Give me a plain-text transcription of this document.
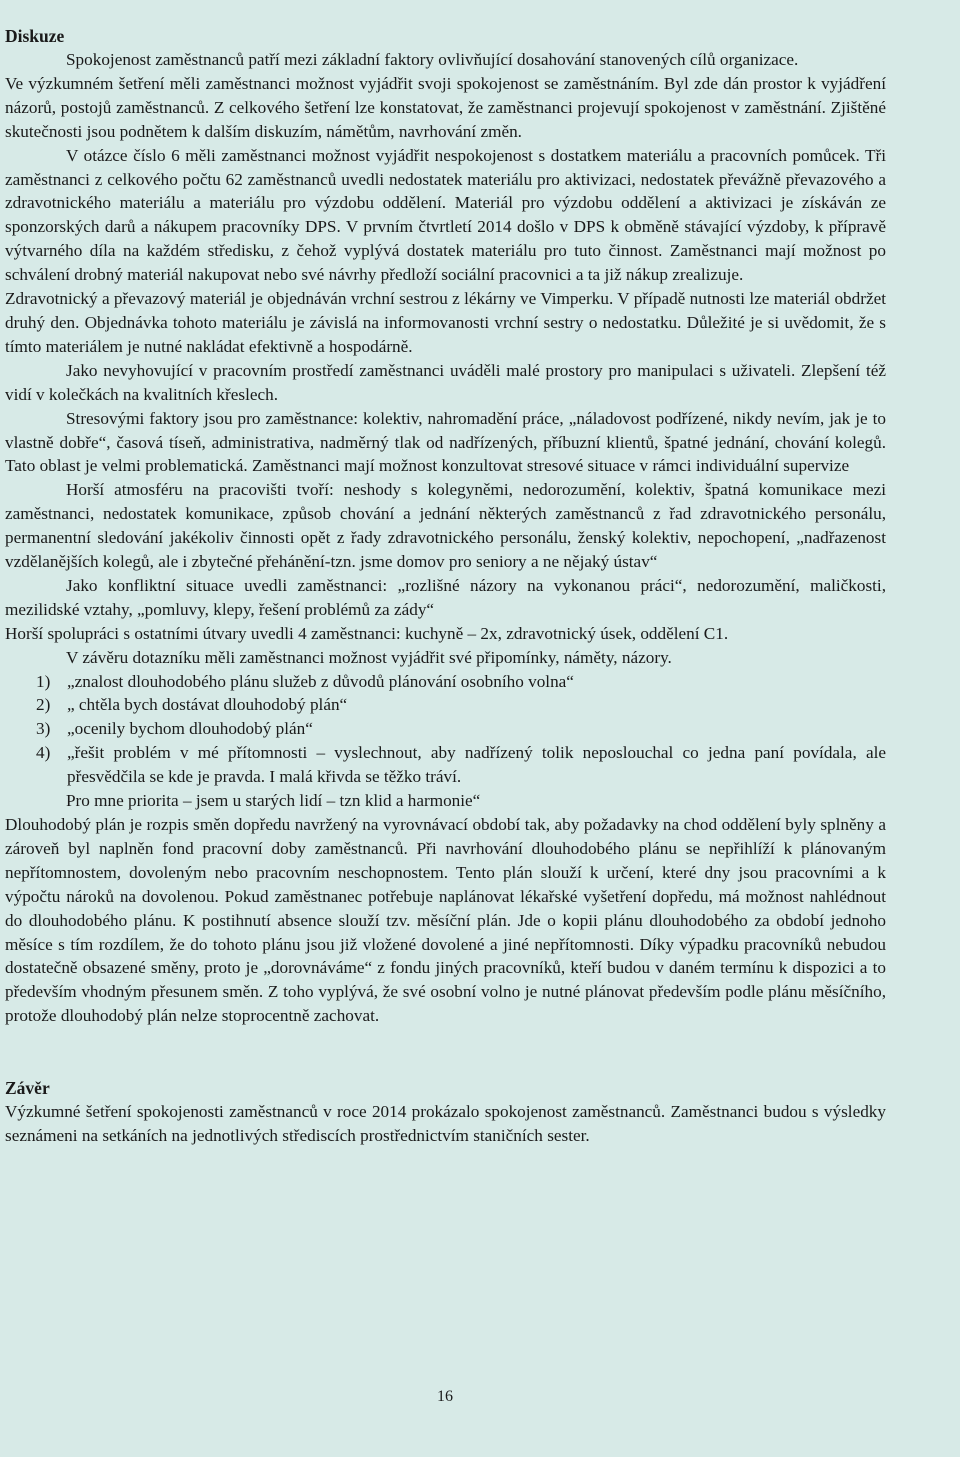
Diskuze

Spokojenost zaměstnanců patří mezi základní faktory ovlivňující dosahování stanovených cílů organizace.

Ve výzkumném šetření měli zaměstnanci možnost vyjádřit svoji spokojenost se zaměstnáním. Byl zde dán prostor k vyjádření názorů, postojů zaměstnanců. Z celkového šetření lze konstatovat, že zaměstnanci projevují spokojenost v zaměstnání. Zjištěné skutečnosti jsou podnětem k dalším diskuzím, námětům, navrhování změn.

V otázce číslo 6 měli zaměstnanci možnost vyjádřit nespokojenost s dostatkem materiálu a pracovních pomůcek. Tři zaměstnanci z celkového počtu 62 zaměstnanců uvedli nedostatek materiálu pro aktivizaci, nedostatek převážně převazového a zdravotnického materiálu a materiálu pro výzdobu oddělení. Materiál pro výzdobu oddělení a aktivizaci je získáván ze sponzorských darů a nákupem pracovníky DPS. V prvním čtvrtletí 2014 došlo v DPS k obměně stávající výzdoby, k přípravě výtvarného díla na každém středisku, z čehož vyplývá dostatek materiálu pro tuto činnost. Zaměstnanci mají možnost po schválení drobný materiál nakupovat nebo své návrhy předloží sociální pracovnici a ta již nákup zrealizuje.

Zdravotnický a převazový materiál je objednáván vrchní sestrou z lékárny ve Vimperku. V případě nutnosti lze materiál obdržet druhý den. Objednávka tohoto materiálu je závislá na informovanosti vrchní sestry o nedostatku. Důležité je si uvědomit, že s tímto materiálem je nutné nakládat efektivně a hospodárně.

Jako nevyhovující v pracovním prostředí zaměstnanci uváděli malé prostory pro manipulaci s uživateli. Zlepšení též vidí v kolečkách na kvalitních křeslech.

Stresovými faktory jsou pro zaměstnance: kolektiv, nahromadění práce, „náladovost podřízené, nikdy nevím, jak je to vlastně dobře“, časová tíseň, administrativa, nadměrný tlak od nadřízených, příbuzní klientů, špatné jednání, chování kolegů. Tato oblast je velmi problematická. Zaměstnanci mají možnost konzultovat stresové situace v rámci individuální supervize

Horší atmosféru na pracovišti tvoří: neshody s kolegyněmi, nedorozumění, kolektiv, špatná komunikace mezi zaměstnanci, nedostatek komunikace, způsob chování a jednání některých zaměstnanců z řad zdravotnického personálu, permanentní sledování jakékoliv činnosti opět z řady zdravotnického personálu, ženský kolektiv, nepochopení, „nadřazenost vzdělanějších kolegů, ale i zbytečné přehánění-tzn. jsme domov pro seniory a ne nějaký ústav“

Jako konfliktní situace uvedli zaměstnanci: „rozlišné názory na vykonanou práci“, nedorozumění, maličkosti, mezilidské vztahy, „pomluvy, klepy, řešení problémů za zády“

Horší spolupráci s ostatními útvary uvedli 4 zaměstnanci: kuchyně – 2x, zdravotnický úsek, oddělení C1.

V závěru dotazníku měli zaměstnanci možnost vyjádřit své připomínky, náměty, názory.

1) „znalost dlouhodobého plánu služeb z důvodů plánování osobního volna“
2) „ chtěla bych dostávat dlouhodobý plán“
3) „ocenily bychom dlouhodobý plán“
4) „řešit problém v mé přítomnosti – vyslechnout, aby nadřízený tolik neposlouchal co jedna paní povídala, ale přesvědčila se kde je pravda. I malá křivda se těžko tráví.

Pro mne priorita – jsem u starých lidí – tzn klid a harmonie“

Dlouhodobý plán je rozpis směn dopředu navržený na vyrovnávací období tak, aby požadavky na chod oddělení byly splněny a zároveň byl naplněn fond pracovní doby zaměstnanců. Při navrhování dlouhodobého plánu se nepřihlíží k plánovaným nepřítomnostem, dovoleným nebo pracovním neschopnostem. Tento plán slouží k určení, které dny jsou pracovními a k výpočtu nároků na dovolenou. Pokud zaměstnanec potřebuje naplánovat lékařské vyšetření dopředu, má možnost nahlédnout do dlouhodobého plánu. K postihnutí absence slouží tzv. měsíční plán. Jde o kopii plánu dlouhodobého za období jednoho měsíce s tím rozdílem, že do tohoto plánu jsou již vložené dovolené a jiné nepřítomnosti. Díky výpadku pracovníků nebudou dostatečně obsazené směny, proto je „dorovnáváme“ z fondu jiných pracovníků, kteří budou v daném termínu k dispozici a to především vhodným přesunem směn. Z toho vyplývá, že své osobní volno je nutné plánovat především podle plánu měsíčního, protože dlouhodobý plán nelze stoprocentně zachovat.

Závěr

Výzkumné šetření spokojenosti zaměstnanců v roce 2014 prokázalo spokojenost zaměstnanců. Zaměstnanci budou s výsledky seznámeni na setkáních na jednotlivých střediscích prostřednictvím staničních sester.

16
